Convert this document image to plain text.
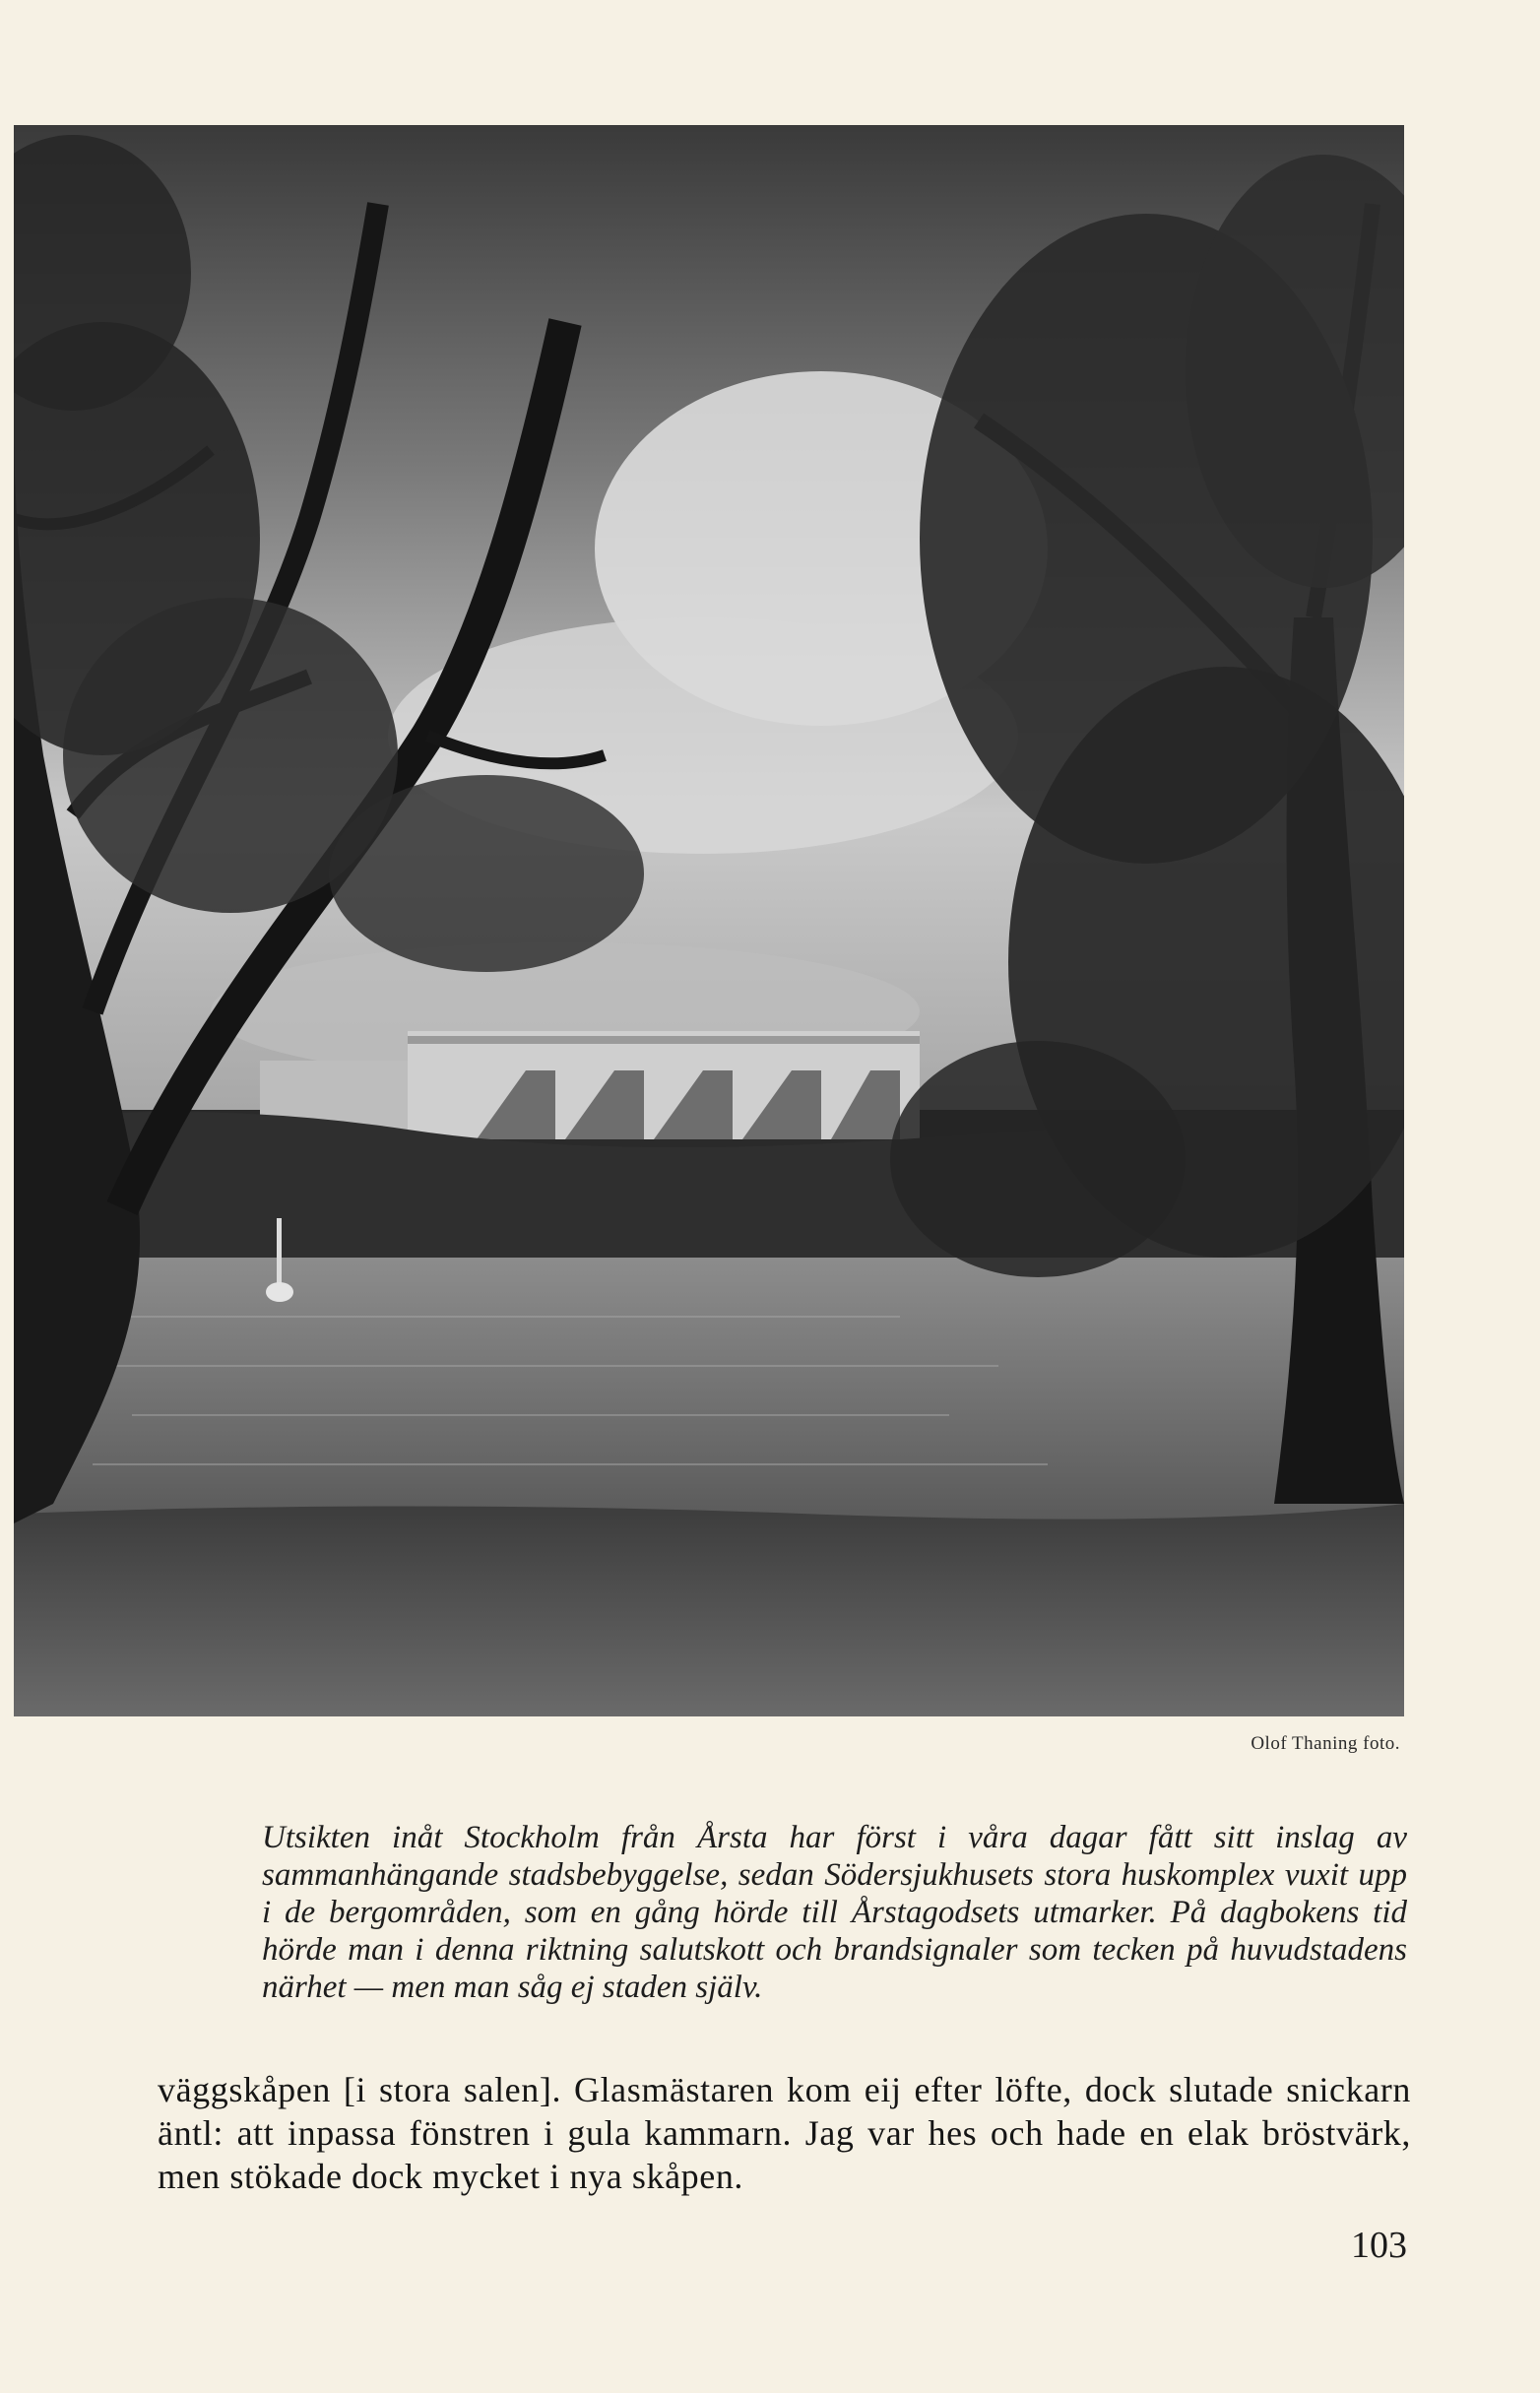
Olof Thaning foto.

Utsikten inåt Stockholm från Årsta har först i våra dagar fått sitt inslag av sammanhängande stadsbebyggelse, sedan Södersjukhusets stora huskomplex vuxit upp i de bergområden, som en gång hörde till Årstagodsets utmarker. På dagbokens tid hörde man i denna riktning salutskott och brandsignaler som tecken på huvudstadens närhet — men man såg ej staden själv.

väggskåpen [i stora salen]. Glasmästaren kom eij efter löfte, dock slutade snickarn äntl: att inpassa fönstren i gula kammarn. Jag var hes och hade en elak bröstvärk, men stökade dock mycket i nya skåpen.

103
